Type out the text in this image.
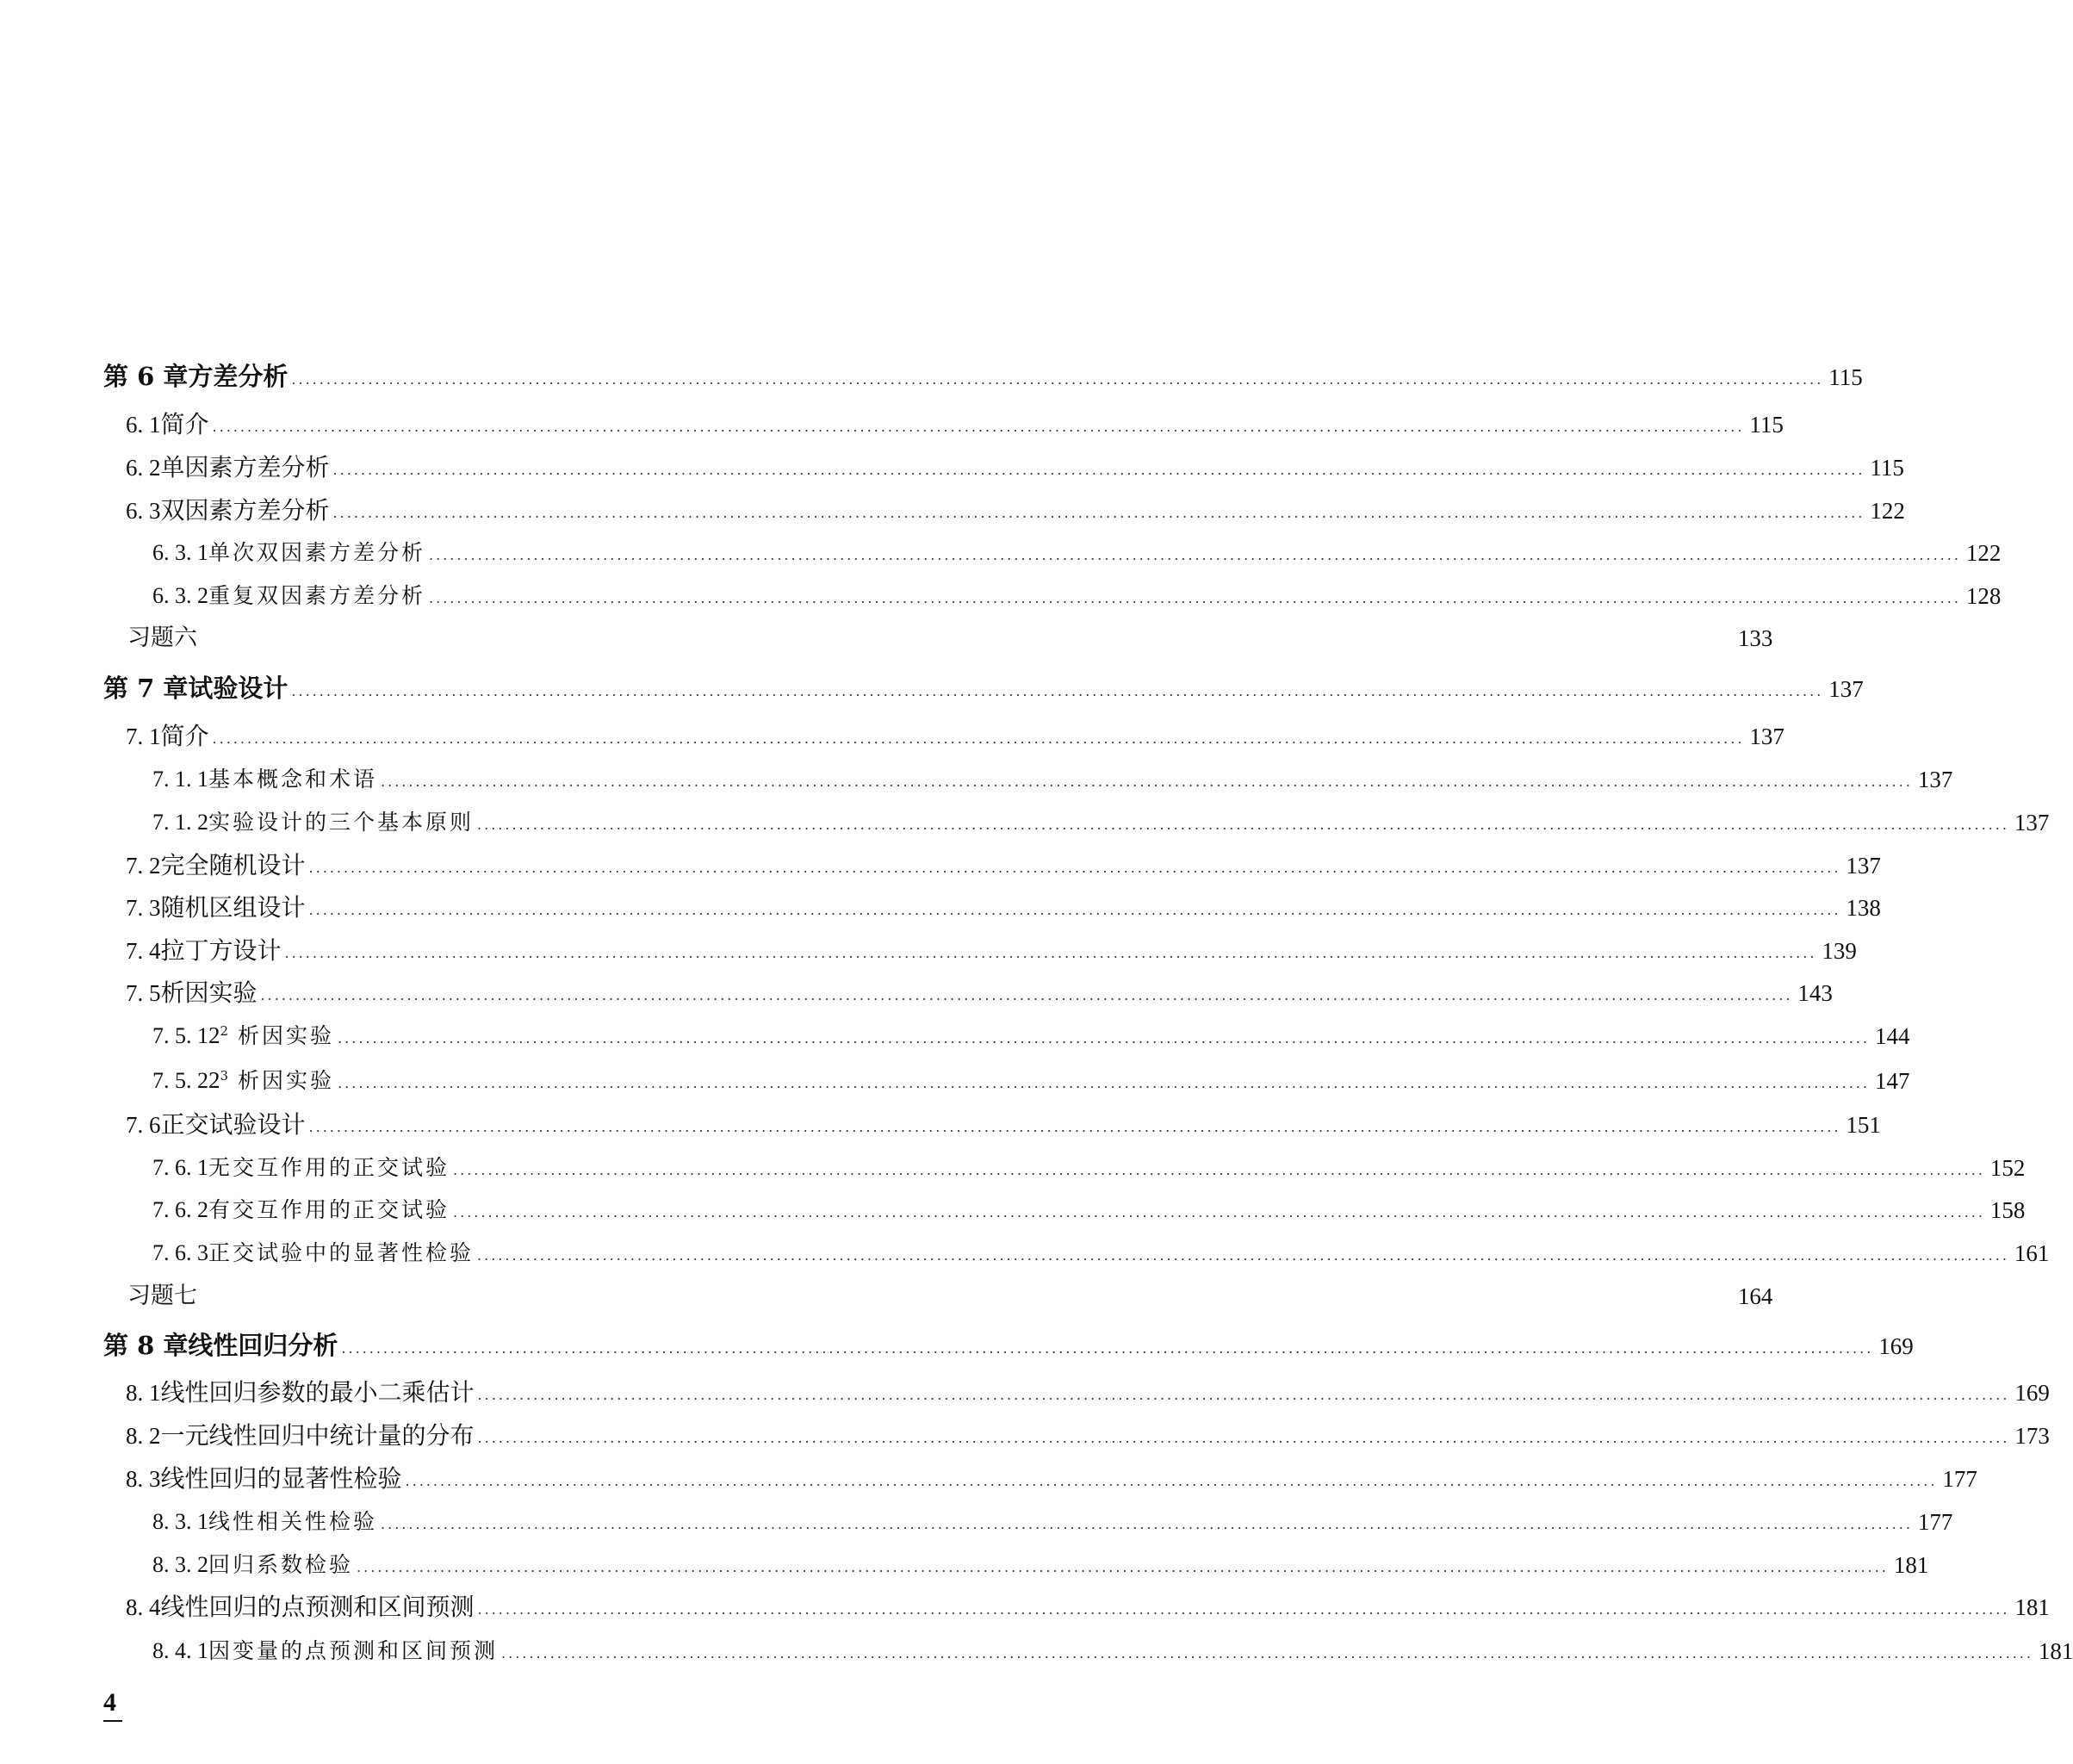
第 6 章 方差分析 ............................................................................................................................................................................................................................ 115
6. 1 简介 ............................................................................................................................................................................................................................ 115
6. 2 单因素方差分析 ............................................................................................................................................................................................................................ 115
6. 3 双因素方差分析 ............................................................................................................................................................................................................................ 122
6. 3. 1 单次双因素方差分析 ............................................................................................................................................................................................................................ 122
6. 3. 2 重复双因素方差分析 ............................................................................................................................................................................................................................ 128
习题六	133
第 7 章 试验设计 ............................................................................................................................................................................................................................ 137
7. 1 简介 ............................................................................................................................................................................................................................ 137
7. 1. 1 基本概念和术语 ............................................................................................................................................................................................................................ 137
7. 1. 2 实验设计的三个基本原则 ............................................................................................................................................................................................................................ 137
7. 2 完全随机设计 ............................................................................................................................................................................................................................ 137
7. 3 随机区组设计 ............................................................................................................................................................................................................................ 138
7. 4 拉丁方设计 ............................................................................................................................................................................................................................ 139
7. 5 析因实验 ............................................................................................................................................................................................................................ 143
7. 5. 1 $2^2$ 析因实验 ............................................................................................................................................................................................................................ 144
7. 5. 2 $2^3$ 析因实验 ............................................................................................................................................................................................................................ 147
7. 6 正交试验设计 ............................................................................................................................................................................................................................ 151
7. 6. 1 无交互作用的正交试验 ............................................................................................................................................................................................................................ 152
7. 6. 2 有交互作用的正交试验 ............................................................................................................................................................................................................................ 158
7. 6. 3 正交试验中的显著性检验 ............................................................................................................................................................................................................................ 161
习题七	164
第 8 章 线性回归分析 ............................................................................................................................................................................................................................ 169
8. 1 线性回归参数的最小二乘估计 ............................................................................................................................................................................................................................ 169
8. 2 一元线性回归中统计量的分布 ............................................................................................................................................................................................................................ 173
8. 3 线性回归的显著性检验 ............................................................................................................................................................................................................................ 177
8. 3. 1 线性相关性检验 ............................................................................................................................................................................................................................ 177
8. 3. 2 回归系数检验 ............................................................................................................................................................................................................................ 181
8. 4 线性回归的点预测和区间预测 ............................................................................................................................................................................................................................ 181
8. 4. 1 因变量的点预测和区间预测 ............................................................................................................................................................................................................................ 181
4
